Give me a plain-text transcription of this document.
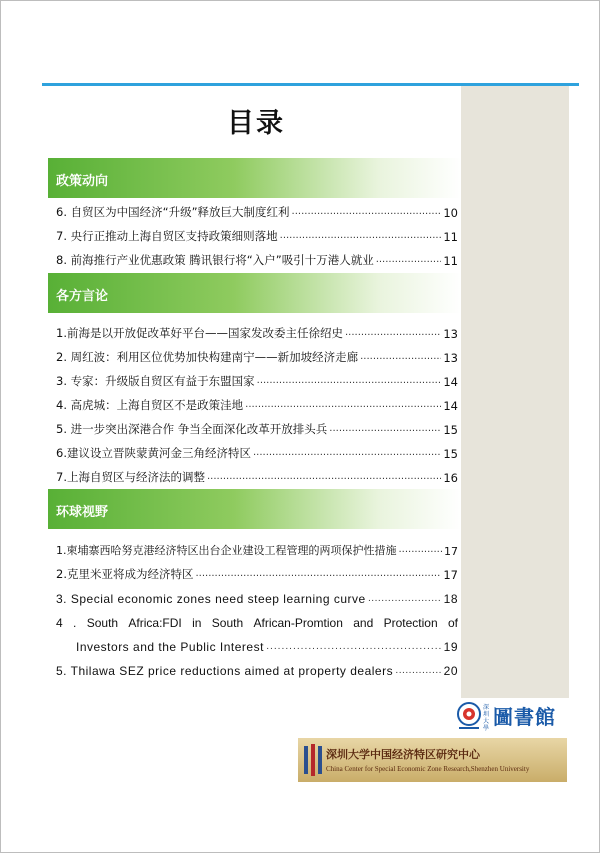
目录
政策动向
6. 自贸区为中国经济“升级”释放巨大制度红利 ·····	10
7. 央行正推动上海自贸区支持政策细则落地 ·····	11
8. 前海推行产业优惠政策 腾讯银行将“入户”吸引十万港人就业 ·····	11
各方言论
1.前海是以开放促改革好平台——国家发改委主任徐绍史 ·····	13
2. 周红波：利用区位优势加快构建南宁——新加坡经济走廊 ·····	13
3. 专家：升级版自贸区有益于东盟国家 ·····	14
4. 高虎城：上海自贸区不是政策洼地 ·····	14
5. 进一步突出深港合作 争当全面深化改革开放排头兵 ·····	15
6.建议设立晋陕蒙黄河金三角经济特区 ·····	15
7.上海自贸区与经济法的调整 ·····	16
环球视野
1.柬埔寨西哈努克港经济特区出台企业建设工程管理的两项保护性措施 ·····	17
2.克里米亚将成为经济特区 ·····	17
3. Special economic zones need steep learning curve ·····	18
4 . South Africa:FDI in South African-Promtion and Protection of
Investors and the Public Interest ·····	19
5. Thilawa SEZ price reductions aimed at property dealers ·····	20
深圳大學 圖書館
深圳大学中国经济特区研究中心
China Center for Special Economic Zone Research,Shenzhen University
